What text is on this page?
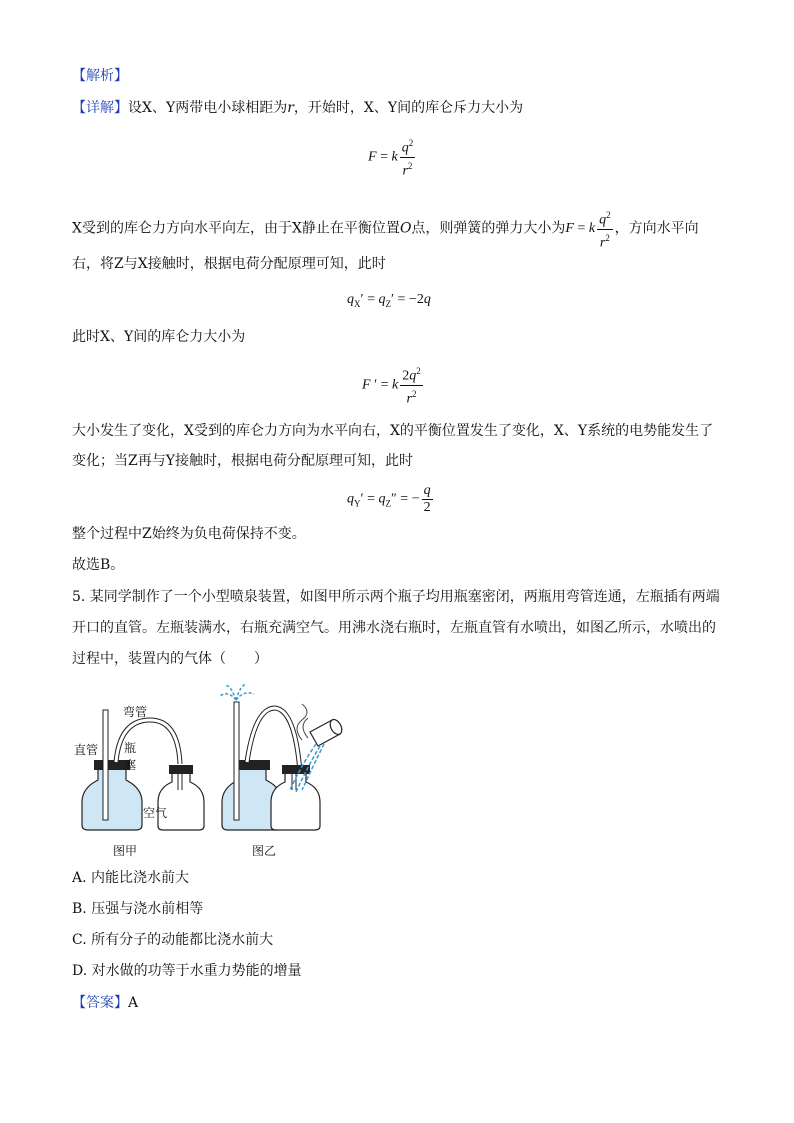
【解析】
【详解】设X、Y两带电小球相距为r，开始时，X、Y间的库仑斥力大小为
F = k $\frac{q^2}{r^2}$
X受到的库仑力方向水平向左，由于X静止在平衡位置O点，则弹簧的弹力大小为F = k $\frac{q^2}{r^2}$ ，方向水平向
右，将Z与X接触时，根据电荷分配原理可知，此时
$q_X' = q_Z' = -2q$
此时X、Y间的库仑力大小为
F ′ = k $\frac{2q^2}{r^2}$
大小发生了变化，X受到的库仑力方向为水平向右，X的平衡位置发生了变化，X、Y系统的电势能发生了
变化；当Z再与Y接触时，根据电荷分配原理可知，此时
$q_Y' = q_Z''$ = − $\frac{q}{2}$
整个过程中Z始终为负电荷保持不变。
故选B。
5. 某同学制作了一个小型喷泉装置，如图甲所示两个瓶子均用瓶塞密闭，两瓶用弯管连通，左瓶插有两端
开口的直管。左瓶装满水，右瓶充满空气。用沸水浇右瓶时，左瓶直管有水喷出，如图乙所示，水喷出的
过程中，装置内的气体（　　）
弯管
直管 瓶
塞
空气
图甲	图乙
A. 内能比浇水前大
B. 压强与浇水前相等
C. 所有分子的动能都比浇水前大
D. 对水做的功等于水重力势能的增量
【答案】A
